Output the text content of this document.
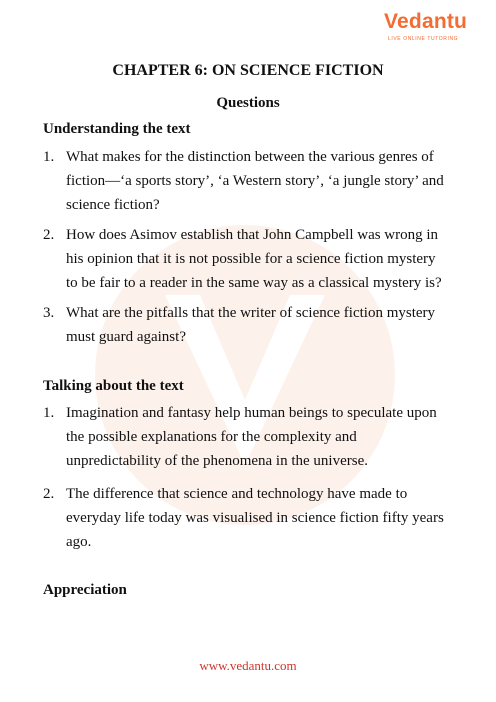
Vedantu
LIVE ONLINE TUTORING
CHAPTER 6: ON SCIENCE FICTION
Questions
Understanding the text
1. What makes for the distinction between the various genres of
fiction—‘a sports story’, ‘a Western story’, ‘a jungle story’ and
science fiction?
2. How does Asimov establish that John Campbell was wrong in
his opinion that it is not possible for a science fiction mystery
to be fair to a reader in the same way as a classical mystery is?
3. What are the pitfalls that the writer of science fiction mystery
must guard against?
Talking about the text
1. Imagination and fantasy help human beings to speculate upon
the possible explanations for the complexity and
unpredictability of the phenomena in the universe.
2. The difference that science and technology have made to
everyday life today was visualised in science fiction fifty years
ago.
Appreciation
www.vedantu.com
